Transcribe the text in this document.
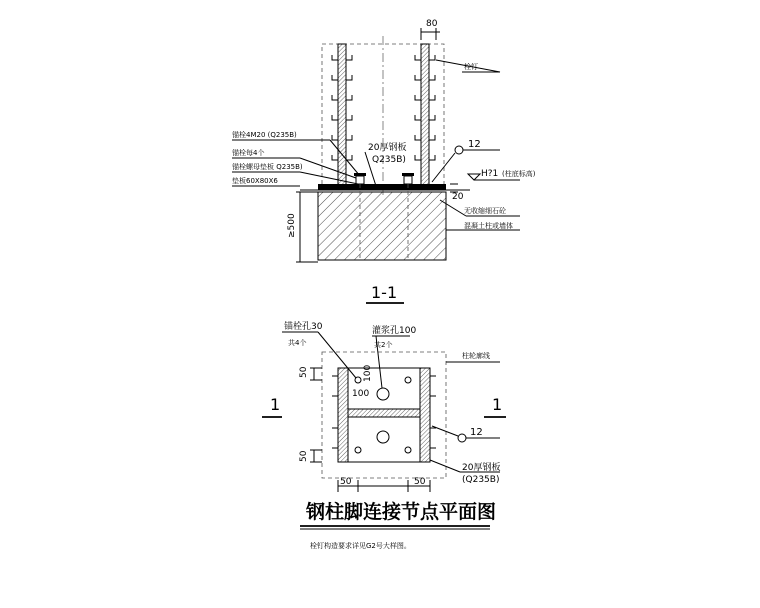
80
栓钉
锚栓4M20 (Q235B)
锚栓每4个
锚栓螺母垫板 Q235B)
垫板60X80X6
20厚钢板
Q235B)
12
H?1 (柱底标高)
20
无收缩细石砼
混凝土柱或墙体
≥500
1-1
锚栓孔30
共4个
灌浆孔100
共2个
柱轮廓线
50
50
100
100
50	50
12
20厚钢板
(Q235B)
1	1
钢柱脚连接节点平面图
栓钉构造要求详见G2号大样图。
